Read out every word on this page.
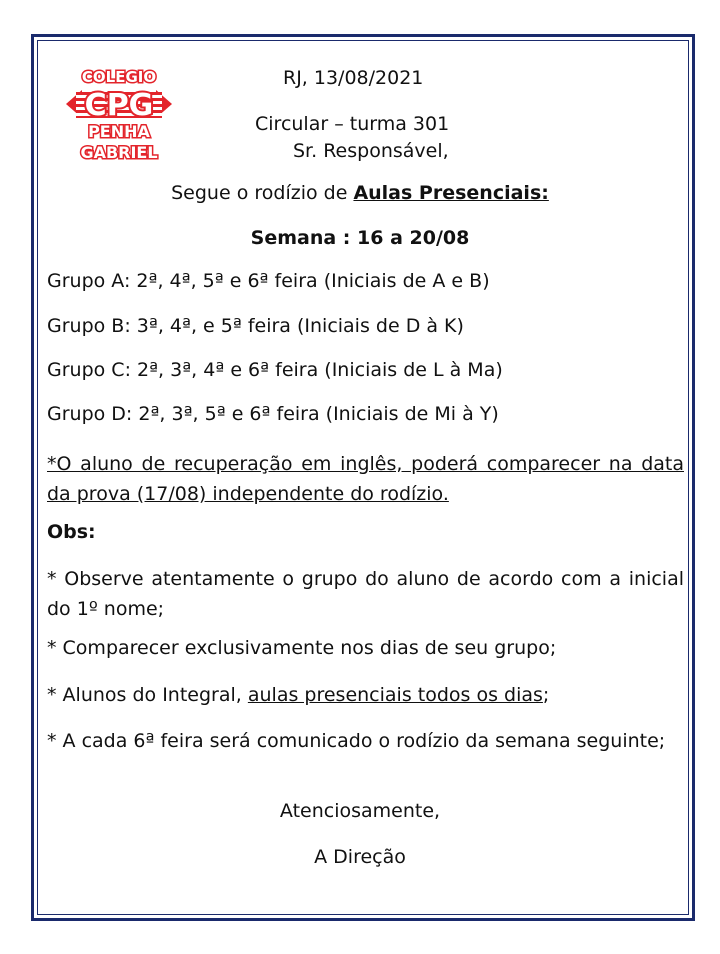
COLEGIO
CPG
PENHA
GABRIEL

RJ, 13/08/2021

Circular – turma 301

Sr. Responsável,

Segue o rodízio de Aulas Presenciais:

Semana : 16 a 20/08

Grupo A: 2ª, 4ª, 5ª e 6ª feira (Iniciais de A e B)

Grupo B: 3ª, 4ª, e 5ª feira (Iniciais de D à K)

Grupo C: 2ª, 3ª, 4ª e 6ª feira (Iniciais de L à Ma)

Grupo D: 2ª, 3ª, 5ª e 6ª feira (Iniciais de Mi à Y)

*O aluno de recuperação em inglês, poderá comparecer na data da prova (17/08) independente do rodízio.

Obs:

* Observe atentamente o grupo do aluno de acordo com a inicial do 1º nome;

* Comparecer exclusivamente nos dias de seu grupo;

* Alunos do Integral, aulas presenciais todos os dias;

* A cada 6ª feira será comunicado o rodízio da semana seguinte;

Atenciosamente,

A Direção
